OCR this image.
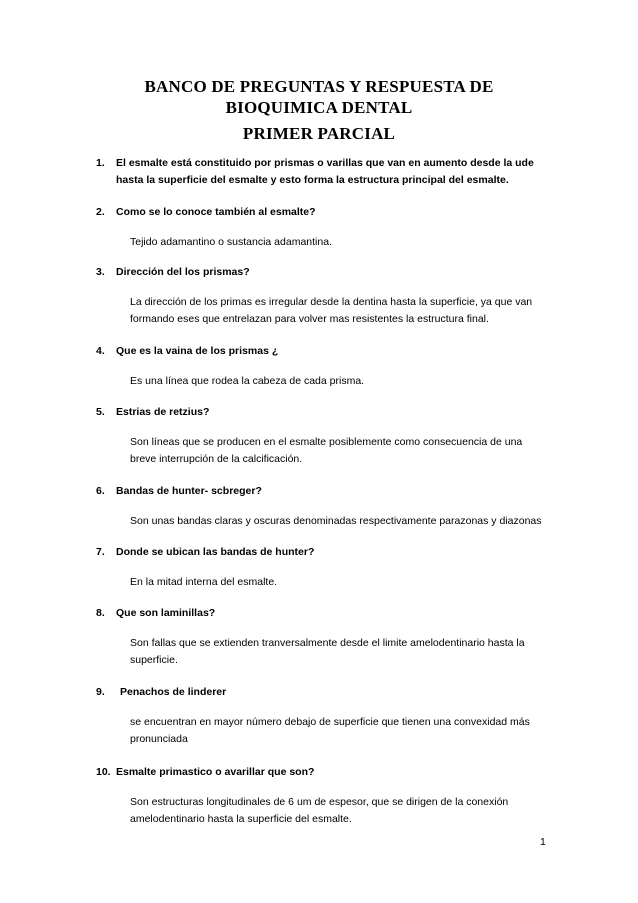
BANCO DE PREGUNTAS Y RESPUESTA DE
BIOQUIMICA DENTAL
PRIMER PARCIAL
1. El esmalte está constituido por prismas o varillas que van en aumento desde la ude hasta la superficie del esmalte y esto forma la estructura principal del esmalte.
2. Como se lo conoce también al esmalte?
Tejido adamantino o sustancia adamantina.
3. Dirección del los prismas?
La dirección de los primas es irregular desde la dentina hasta la superficie, ya que van formando eses que entrelazan para volver mas resistentes la estructura final.
4. Que es la vaina de los prismas ¿
Es una línea que rodea la cabeza de cada prisma.
5. Estrias de retzius?
Son líneas que se producen en el esmalte posiblemente como consecuencia de una breve interrupción de la calcificación.
6. Bandas de hunter- scbreger?
Son unas bandas claras y oscuras denominadas respectivamente parazonas y diazonas
7. Donde se ubican las bandas de hunter?
En la mitad interna del esmalte.
8. Que son laminillas?
Son fallas que se extienden tranversalmente desde el limite amelodentinario hasta la superficie.
9. Penachos de linderer
se encuentran en mayor número debajo de superficie que tienen una convexidad más pronunciada
10. Esmalte primastico o avarillar que son?
Son estructuras longitudinales de 6 um de espesor, que se dirigen de la conexión amelodentinario hasta la superficie del esmalte.
1
